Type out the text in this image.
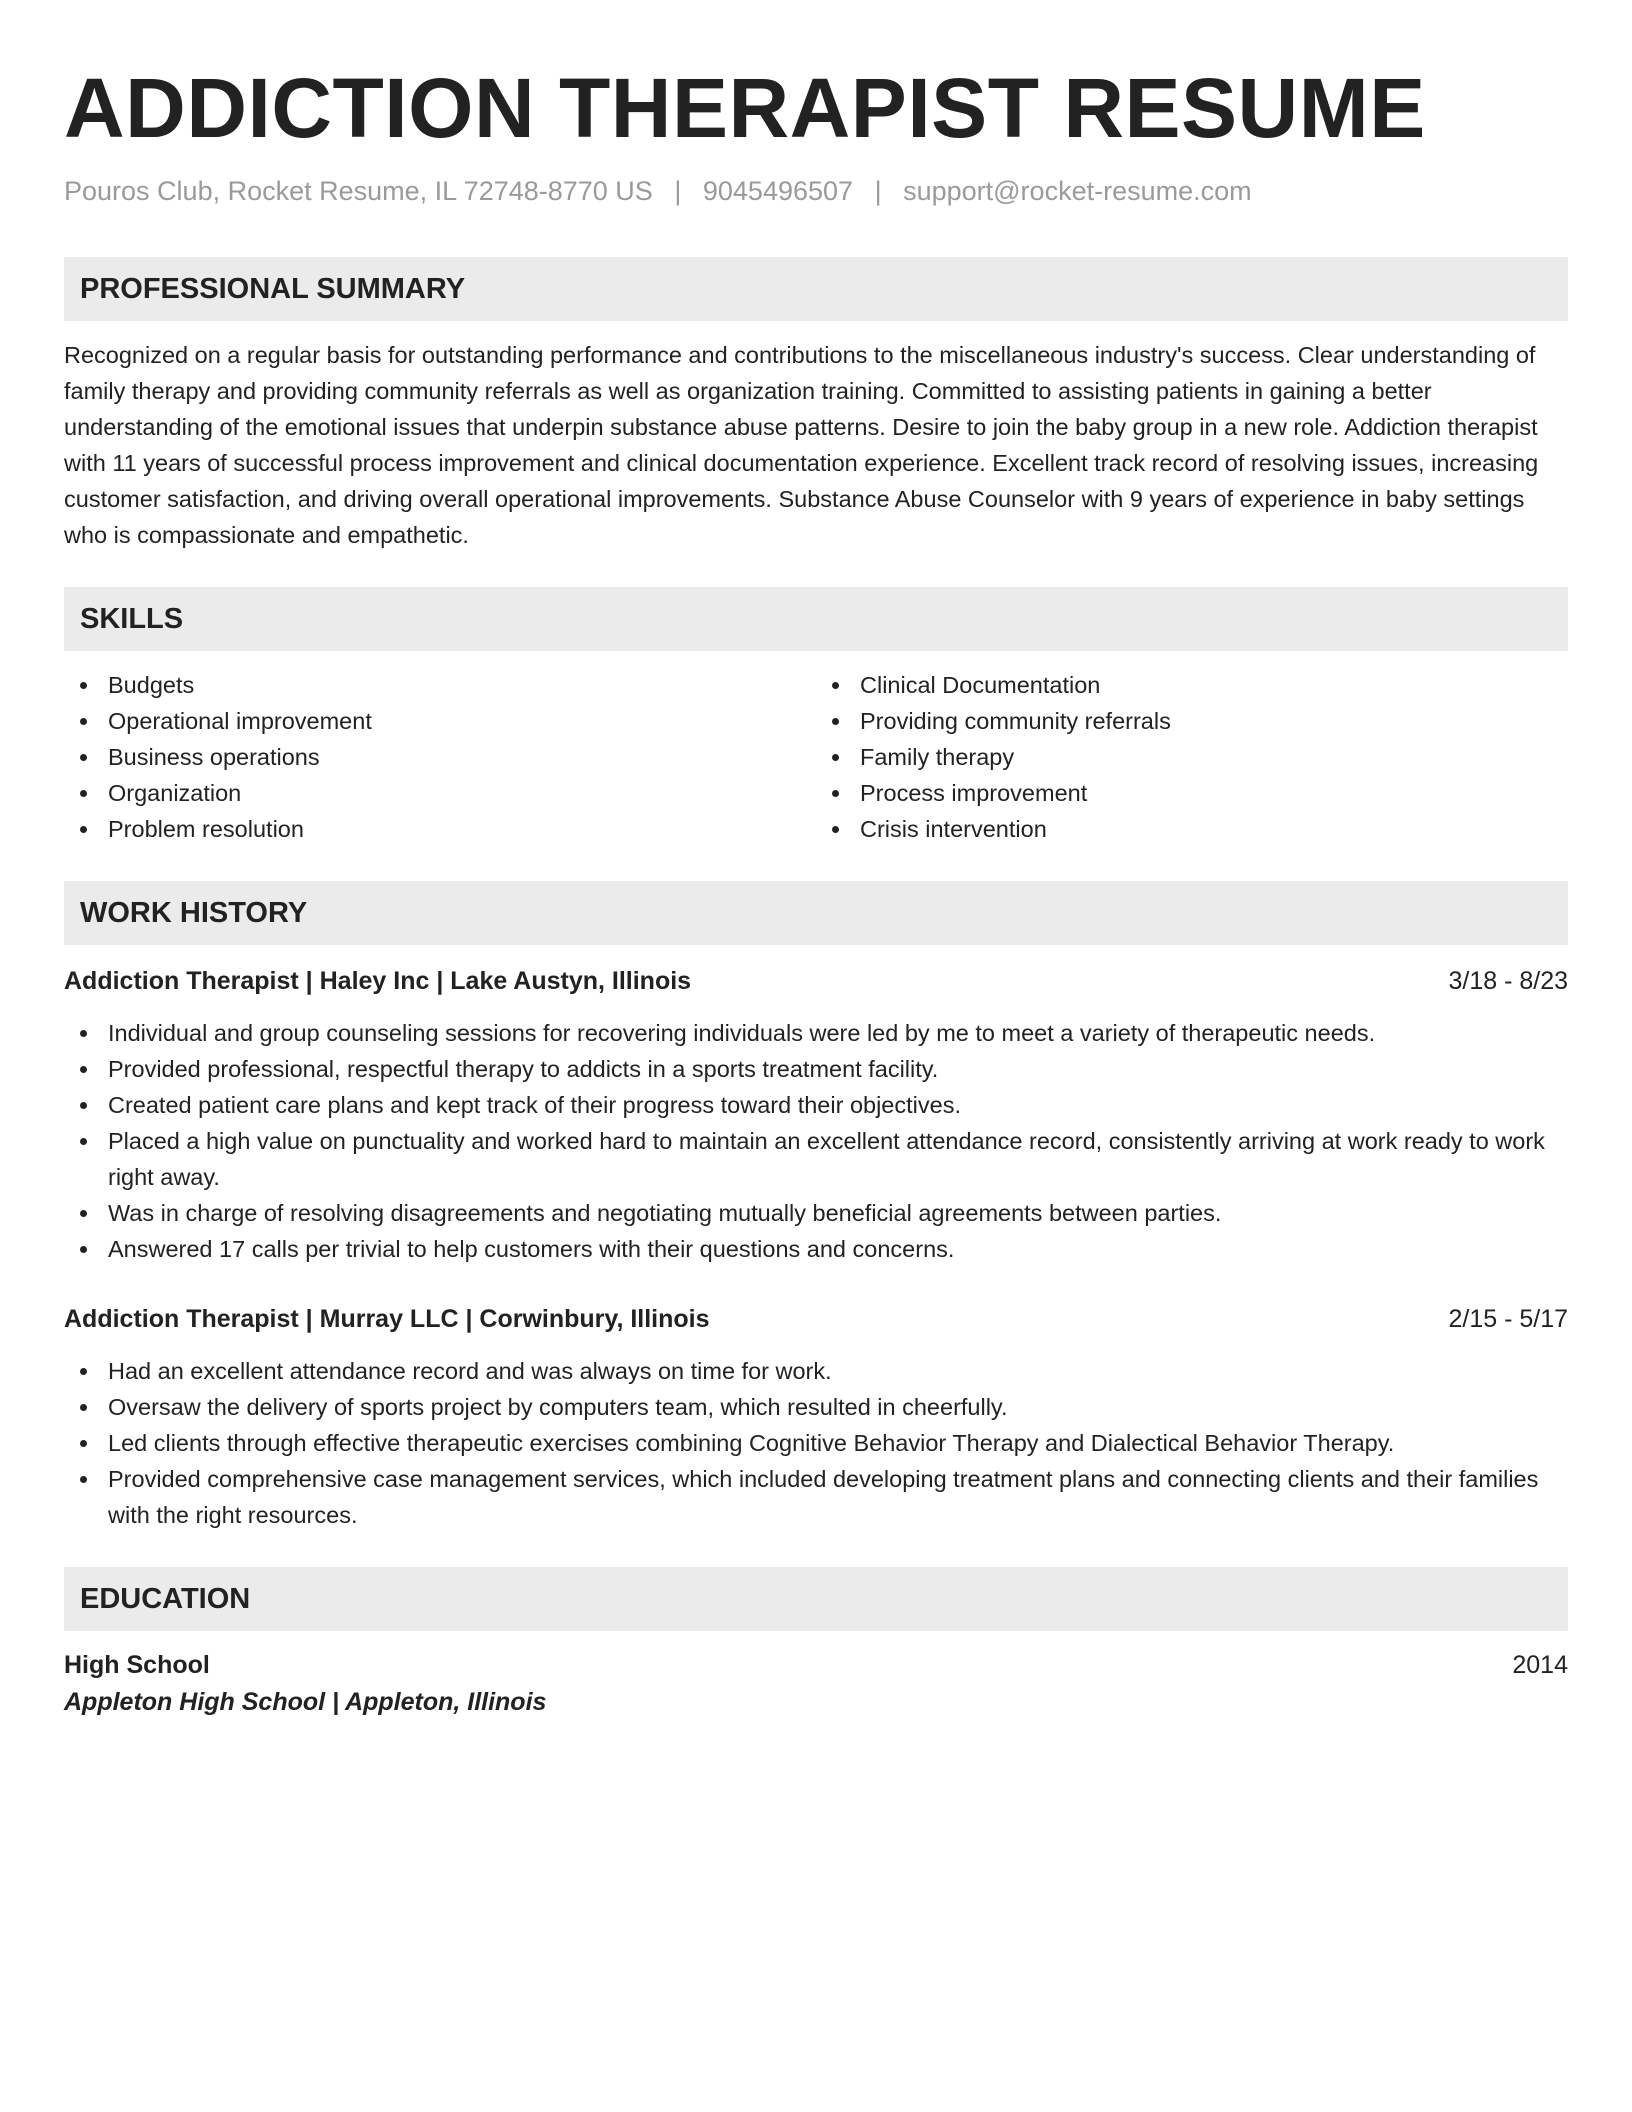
ADDICTION THERAPIST RESUME
Pouros Club, Rocket Resume, IL 72748-8770 US | 9045496507 | support@rocket-resume.com
PROFESSIONAL SUMMARY

Recognized on a regular basis for outstanding performance and contributions to the miscellaneous industry's success. Clear understanding of family therapy and providing community referrals as well as organization training. Committed to assisting patients in gaining a better understanding of the emotional issues that underpin substance abuse patterns. Desire to join the baby group in a new role. Addiction therapist with 11 years of successful process improvement and clinical documentation experience. Excellent track record of resolving issues, increasing customer satisfaction, and driving overall operational improvements. Substance Abuse Counselor with 9 years of experience in baby settings who is compassionate and empathetic.

SKILLS
Budgets
Operational improvement
Business operations
Organization
Problem resolution
Clinical Documentation
Providing community referrals
Family therapy
Process improvement
Crisis intervention
WORK HISTORY
Addiction Therapist | Haley Inc | Lake Austyn, Illinois	3/18 - 8/23
Individual and group counseling sessions for recovering individuals were led by me to meet a variety of therapeutic needs.
Provided professional, respectful therapy to addicts in a sports treatment facility.
Created patient care plans and kept track of their progress toward their objectives.
Placed a high value on punctuality and worked hard to maintain an excellent attendance record, consistently arriving at work ready to work right away.
Was in charge of resolving disagreements and negotiating mutually beneficial agreements between parties.
Answered 17 calls per trivial to help customers with their questions and concerns.
Addiction Therapist | Murray LLC | Corwinbury, Illinois	2/15 - 5/17
Had an excellent attendance record and was always on time for work.
Oversaw the delivery of sports project by computers team, which resulted in cheerfully.
Led clients through effective therapeutic exercises combining Cognitive Behavior Therapy and Dialectical Behavior Therapy.
Provided comprehensive case management services, which included developing treatment plans and connecting clients and their families with the right resources.
EDUCATION
High School	2014
Appleton High School | Appleton, Illinois
